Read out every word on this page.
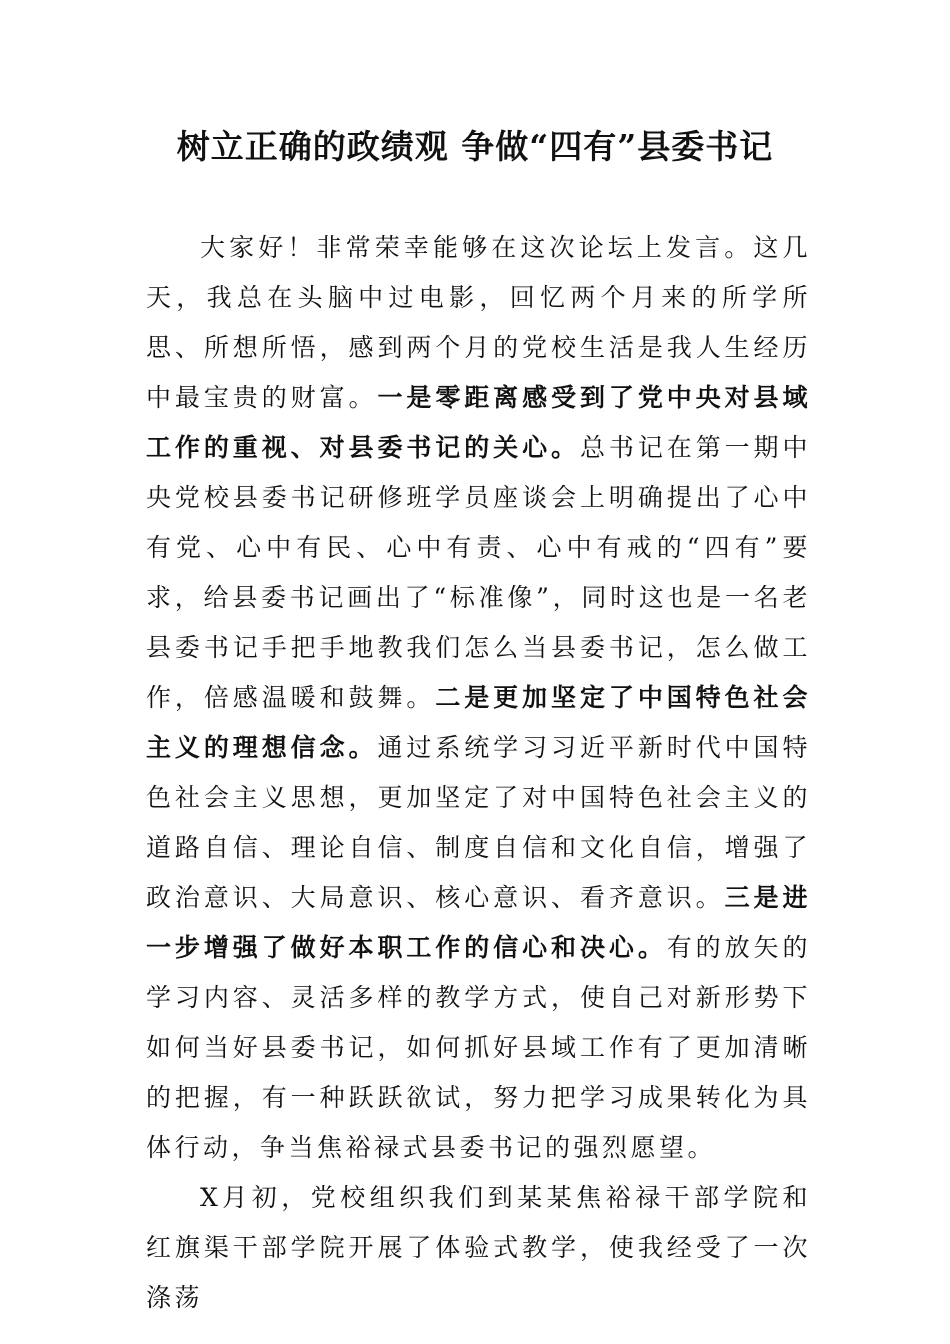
树立正确的政绩观 争做“四有”县委书记

大家好！非常荣幸能够在这次论坛上发言。这几天，我总在头脑中过电影，回忆两个月来的所学所思、所想所悟，感到两个月的党校生活是我人生经历中最宝贵的财富。一是零距离感受到了党中央对县域工作的重视、对县委书记的关心。总书记在第一期中央党校县委书记研修班学员座谈会上明确提出了心中有党、心中有民、心中有责、心中有戒的“四有”要求，给县委书记画出了“标准像”，同时这也是一名老县委书记手把手地教我们怎么当县委书记，怎么做工作，倍感温暖和鼓舞。二是更加坚定了中国特色社会主义的理想信念。通过系统学习习近平新时代中国特色社会主义思想，更加坚定了对中国特色社会主义的道路自信、理论自信、制度自信和文化自信，增强了政治意识、大局意识、核心意识、看齐意识。三是进一步增强了做好本职工作的信心和决心。有的放矢的学习内容、灵活多样的教学方式，使自己对新形势下如何当好县委书记，如何抓好县域工作有了更加清晰的把握，有一种跃跃欲试，努力把学习成果转化为具体行动，争当焦裕禄式县委书记的强烈愿望。

X月初，党校组织我们到某某焦裕禄干部学院和红旗渠干部学院开展了体验式教学，使我经受了一次涤荡
